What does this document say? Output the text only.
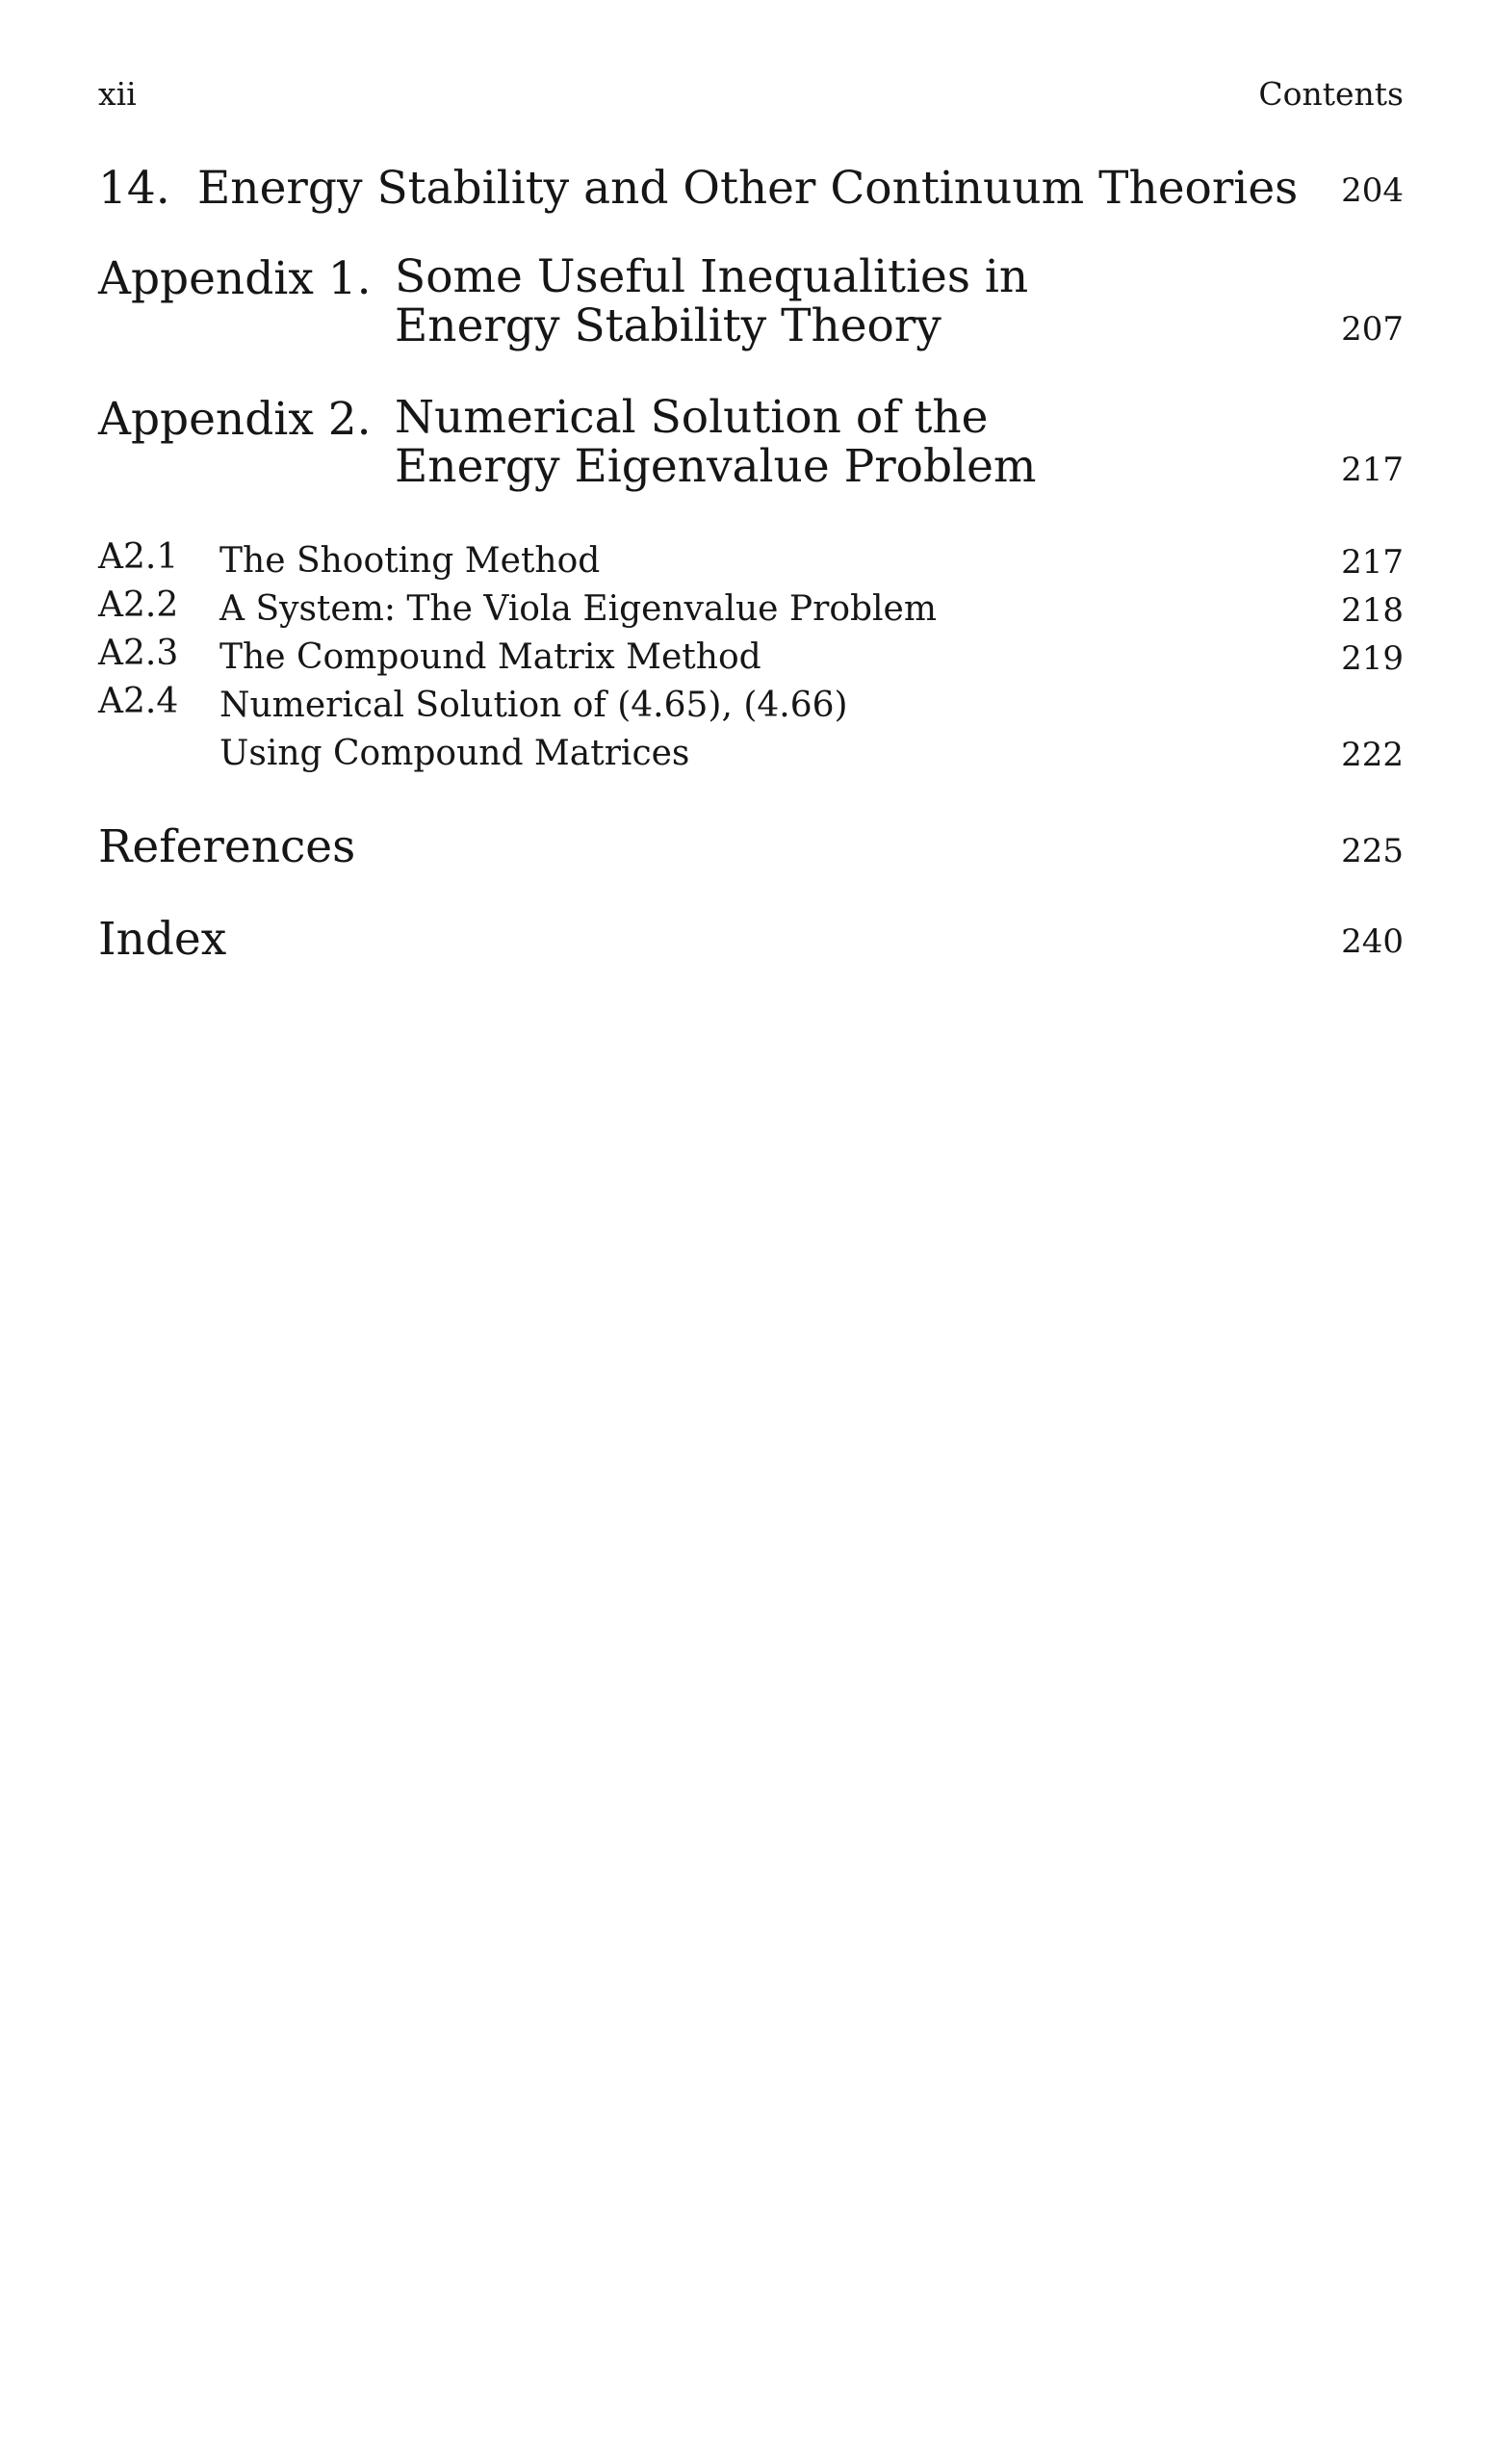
xii	Contents
14. Energy Stability and Other Continuum Theories 204
Appendix 1. Some Useful Inequalities in
Energy Stability Theory	207
Appendix 2. Numerical Solution of the
Energy Eigenvalue Problem	217
A2.1 The Shooting Method	217
A2.2 A System: The Viola Eigenvalue Problem	218
A2.3 The Compound Matrix Method	219
A2.4 Numerical Solution of (4.65), (4.66)
Using Compound Matrices	222
References	225
Index	240
